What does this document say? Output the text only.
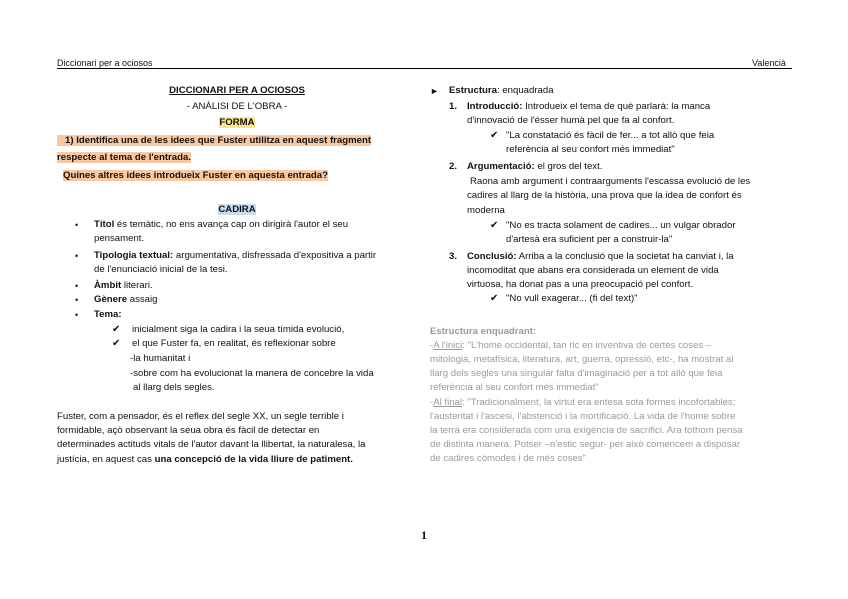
Diccionari per a ociosos	Valencià
DICCIONARI PER A OCIOSOS
- ANÀLISI DE L'OBRA -
FORMA
1) Identifica una de les idees que Fuster utilitza en aquest fragment
respecte al tema de l'entrada.
Quines altres idees introdueix Fuster en aquesta entrada?
CADIRA
• Títol és temàtic, no ens avança cap on dirigirà l'autor el seu
pensament.
• Tipologia textual: argumentativa, disfressada d'expositiva a partir
de l'enunciació inicial de la tesi.
• Àmbit literari.
• Gènere assaig
• Tema:
✔ inicialment siga la cadira i la seua tímida evolució,
✔ el que Fuster fa, en realitat, és reflexionar sobre
-la humanitat i
-sobre com ha evolucionat la manera de concebre la vida
al llarg dels segles.
Fuster, com a pensador, és el reflex del segle XX, un segle terrible i
formidable, açò observant la seua obra és fàcil de detectar en
determinades actituds vitals de l'autor davant la llibertat, la naturalesa, la
justícia, en aquest cas una concepció de la vida lliure de patiment.
► Estructura: enquadrada
1. Introducció: Introdueix el tema de què parlarà: la manca
d'innovació de l'ésser humà pel que fa al confort.
✔ "La constatació és fàcil de fer... a tot allò que feia
referència al seu confort més immediat"
2. Argumentació: el gros del text.
Raona amb argument i contraarguments l'escassa evolució de les
cadires al llarg de la història, una prova que la idea de confort és
moderna
✔ "No es tracta solament de cadires... un vulgar obrador
d'artesà era suficient per a construir-la"
3. Conclusió: Arriba a la conclusió que la societat ha canviat i, la
incomoditat que abans era considerada un element de vida
virtuosa, ha donat pas a una preocupació pel confort.
✔ "No vull exagerar... (fi del text)"
Estructura enquadrant:
-A l'inici: "L'home occidental, tan ric en inventiva de certes coses –
mitologia, metafísica, literatura, art, guerra, opressió, etc-, ha mostrat al
llarg dels segles una singular falta d'imaginació per a tot allò que feia
referència al seu confort més immediat"
-Al final: "Tradicionalment, la virtut era entesa sota formes incofortables:
l'austeritat i l'ascesi, l'abstenció i la mortificació. La vida de l'home sobre
la terra era considerada com una exigència de sacrifici. Ara tothom pensa
de distinta manera. Potser –n'estic segur- per això comencem a disposar
de cadires còmodes i de més coses"
1
